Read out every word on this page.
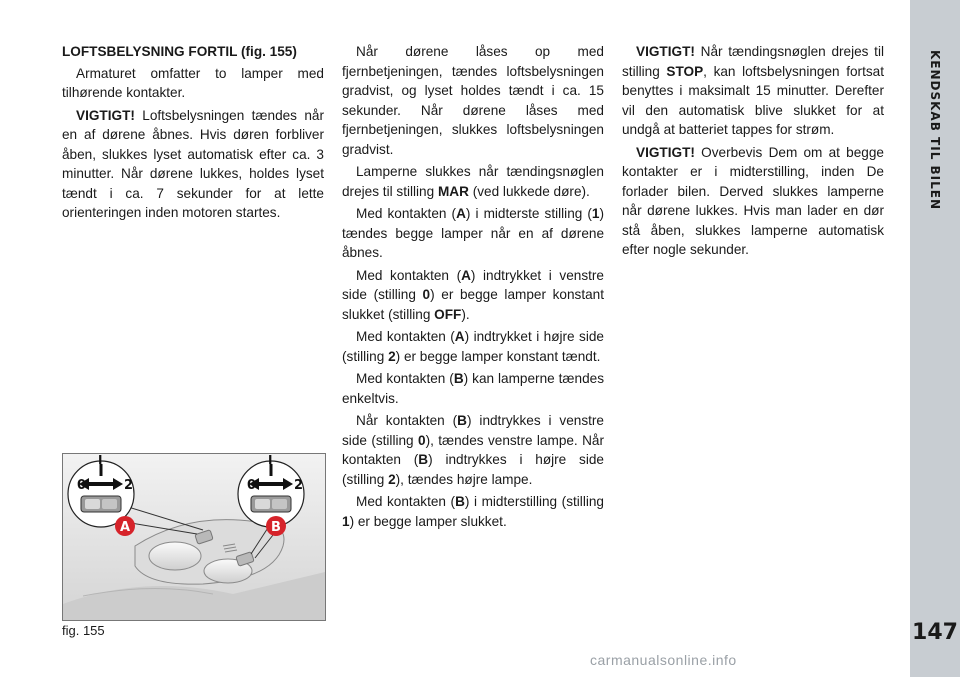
KENDSKAB TIL BILEN
147

LOFTSBELYSNING FORTIL (fig. 155)

Armaturet omfatter to lamper med tilhørende kontakter.

VIGTIGT! Loftsbelysningen tændes når en af dørene åbnes. Hvis døren forbliver åben, slukkes lyset automatisk efter ca. 3 minutter. Når dørene lukkes, holdes lyset tændt i ca. 7 sekunder for at lette orienteringen inden motoren startes.

Når dørene låses op med fjernbetjeningen, tændes loftsbelysningen gradvist, og lyset holdes tændt i ca. 15 sekunder. Når dørene låses med fjernbetjeningen, slukkes loftsbelysningen gradvist.

Lamperne slukkes når tændingsnøglen drejes til stilling MAR (ved lukkede døre).

Med kontakten (A) i midterste stilling (1) tændes begge lamper når en af dørene åbnes.

Med kontakten (A) indtrykket i venstre side (stilling 0) er begge lamper konstant slukket (stilling OFF).

Med kontakten (A) indtrykket i højre side (stilling 2) er begge lamper konstant tændt.

Med kontakten (B) kan lamperne tændes enkeltvis.

Når kontakten (B) indtrykkes i venstre side (stilling 0), tændes venstre lampe. Når kontakten (B) indtrykkes i højre side (stilling 2), tændes højre lampe.

Med kontakten (B) i midterstilling (stilling 1) er begge lamper slukket.

VIGTIGT! Når tændingsnøglen drejes til stilling STOP, kan loftsbelysningen fortsat benyttes i maksimalt 15 minutter. Derefter vil den automatisk blive slukket for at undgå at batteriet tappes for strøm.

VIGTIGT! Overbevis Dem om at begge kontakter er i midterstilling, inden De forlader bilen. Derved slukkes lamperne når dørene lukkes. Hvis man lader en dør stå åben, slukkes lamperne automatisk efter nogle sekunder.

0
I
2	0
I
2
A	B
fig. 155
carmanualsonline.info
